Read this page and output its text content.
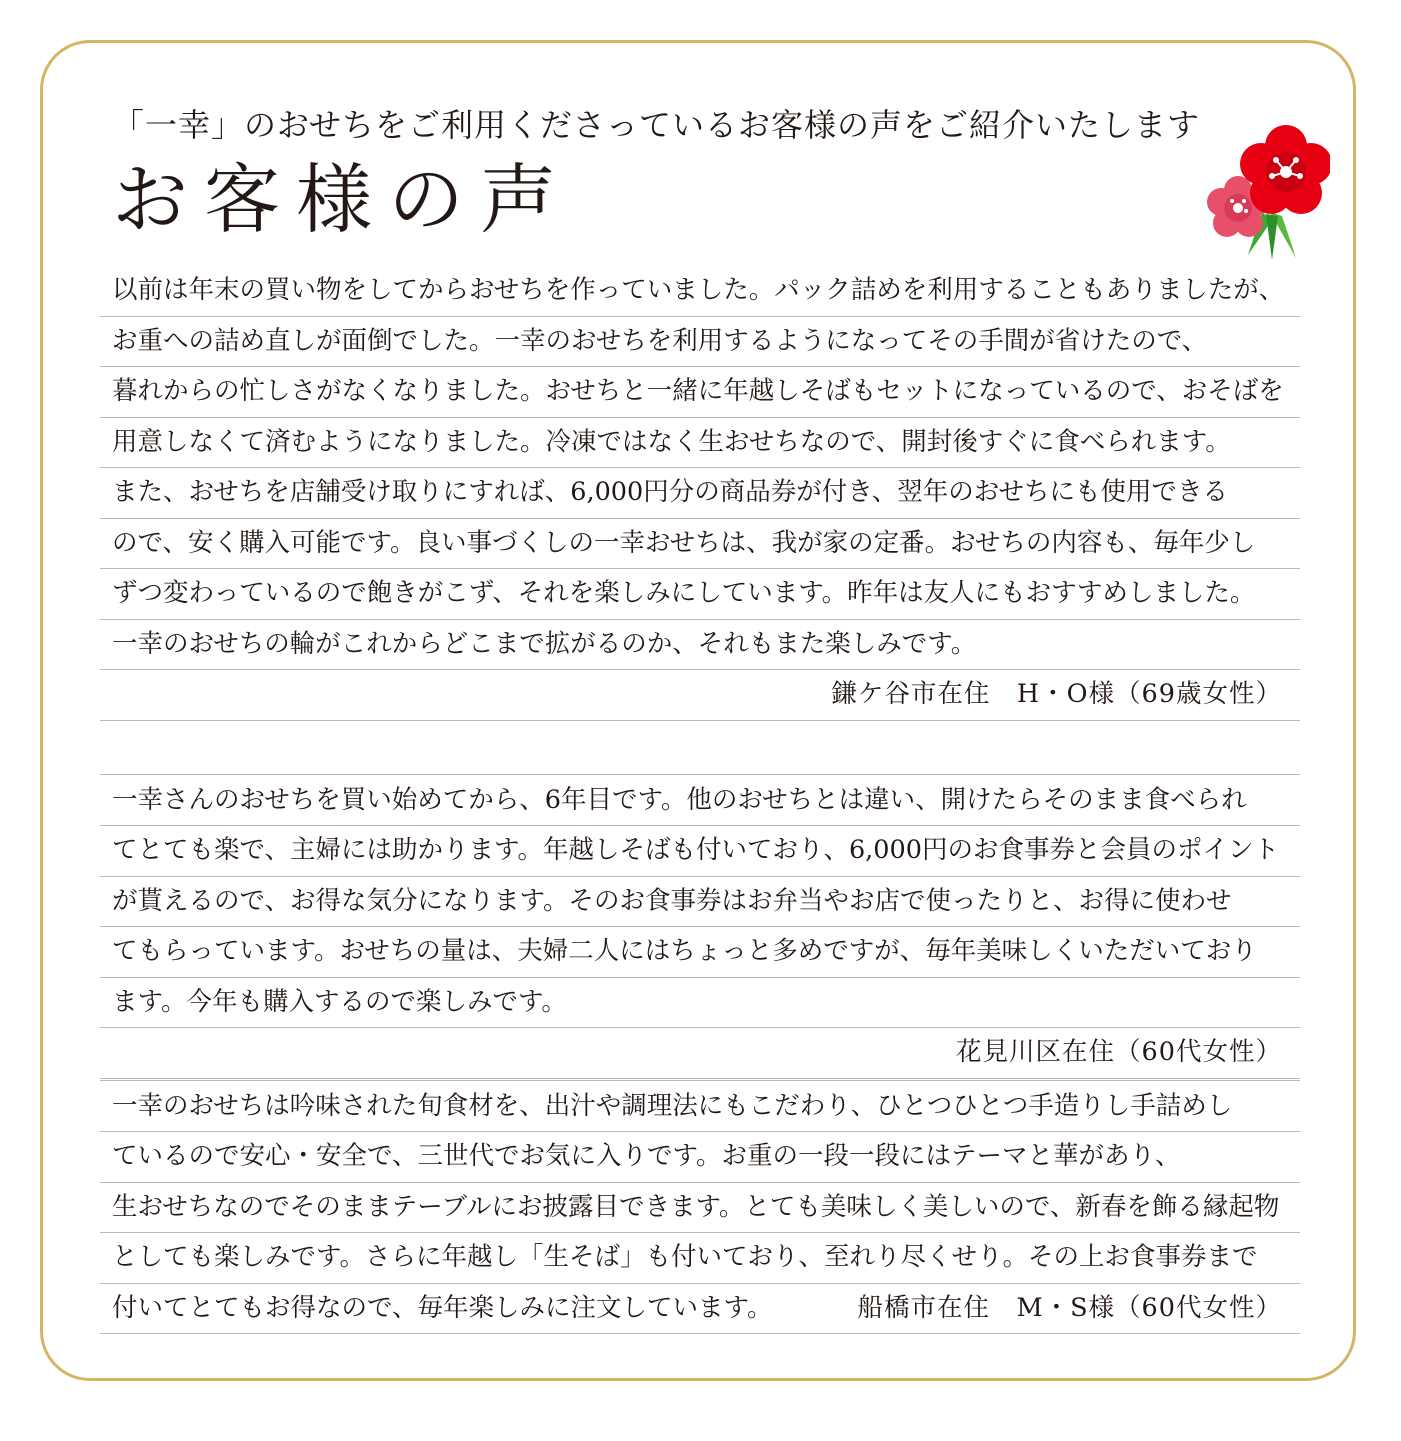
「一幸」のおせちをご利用くださっているお客様の声をご紹介いたします
お客様の声
以前は年末の買い物をしてからおせちを作っていました。パック詰めを利用することもありましたが、
お重への詰め直しが面倒でした。一幸のおせちを利用するようになってその手間が省けたので、
暮れからの忙しさがなくなりました。おせちと一緒に年越しそばもセットになっているので、おそばを
用意しなくて済むようになりました。冷凍ではなく生おせちなので、開封後すぐに食べられます。
また、おせちを店舗受け取りにすれば、6,000円分の商品券が付き、翌年のおせちにも使用できる
ので、安く購入可能です。良い事づくしの一幸おせちは、我が家の定番。おせちの内容も、毎年少し
ずつ変わっているので飽きがこず、それを楽しみにしています。昨年は友人にもおすすめしました。
一幸のおせちの輪がこれからどこまで拡がるのか、それもまた楽しみです。
鎌ケ谷市在住　H・O様（69歳女性）
一幸さんのおせちを買い始めてから、6年目です。他のおせちとは違い、開けたらそのまま食べられ
てとても楽で、主婦には助かります。年越しそばも付いており、6,000円のお食事券と会員のポイント
が貰えるので、お得な気分になります。そのお食事券はお弁当やお店で使ったりと、お得に使わせ
てもらっています。おせちの量は、夫婦二人にはちょっと多めですが、毎年美味しくいただいており
ます。今年も購入するので楽しみです。
花見川区在住（60代女性）
一幸のおせちは吟味された旬食材を、出汁や調理法にもこだわり、ひとつひとつ手造りし手詰めし
ているので安心・安全で、三世代でお気に入りです。お重の一段一段にはテーマと華があり、
生おせちなのでそのままテーブルにお披露目できます。とても美味しく美しいので、新春を飾る縁起物
としても楽しみです。さらに年越し「生そば」も付いており、至れり尽くせり。その上お食事券まで
付いてとてもお得なので、毎年楽しみに注文しています。	船橋市在住　M・S様（60代女性）
